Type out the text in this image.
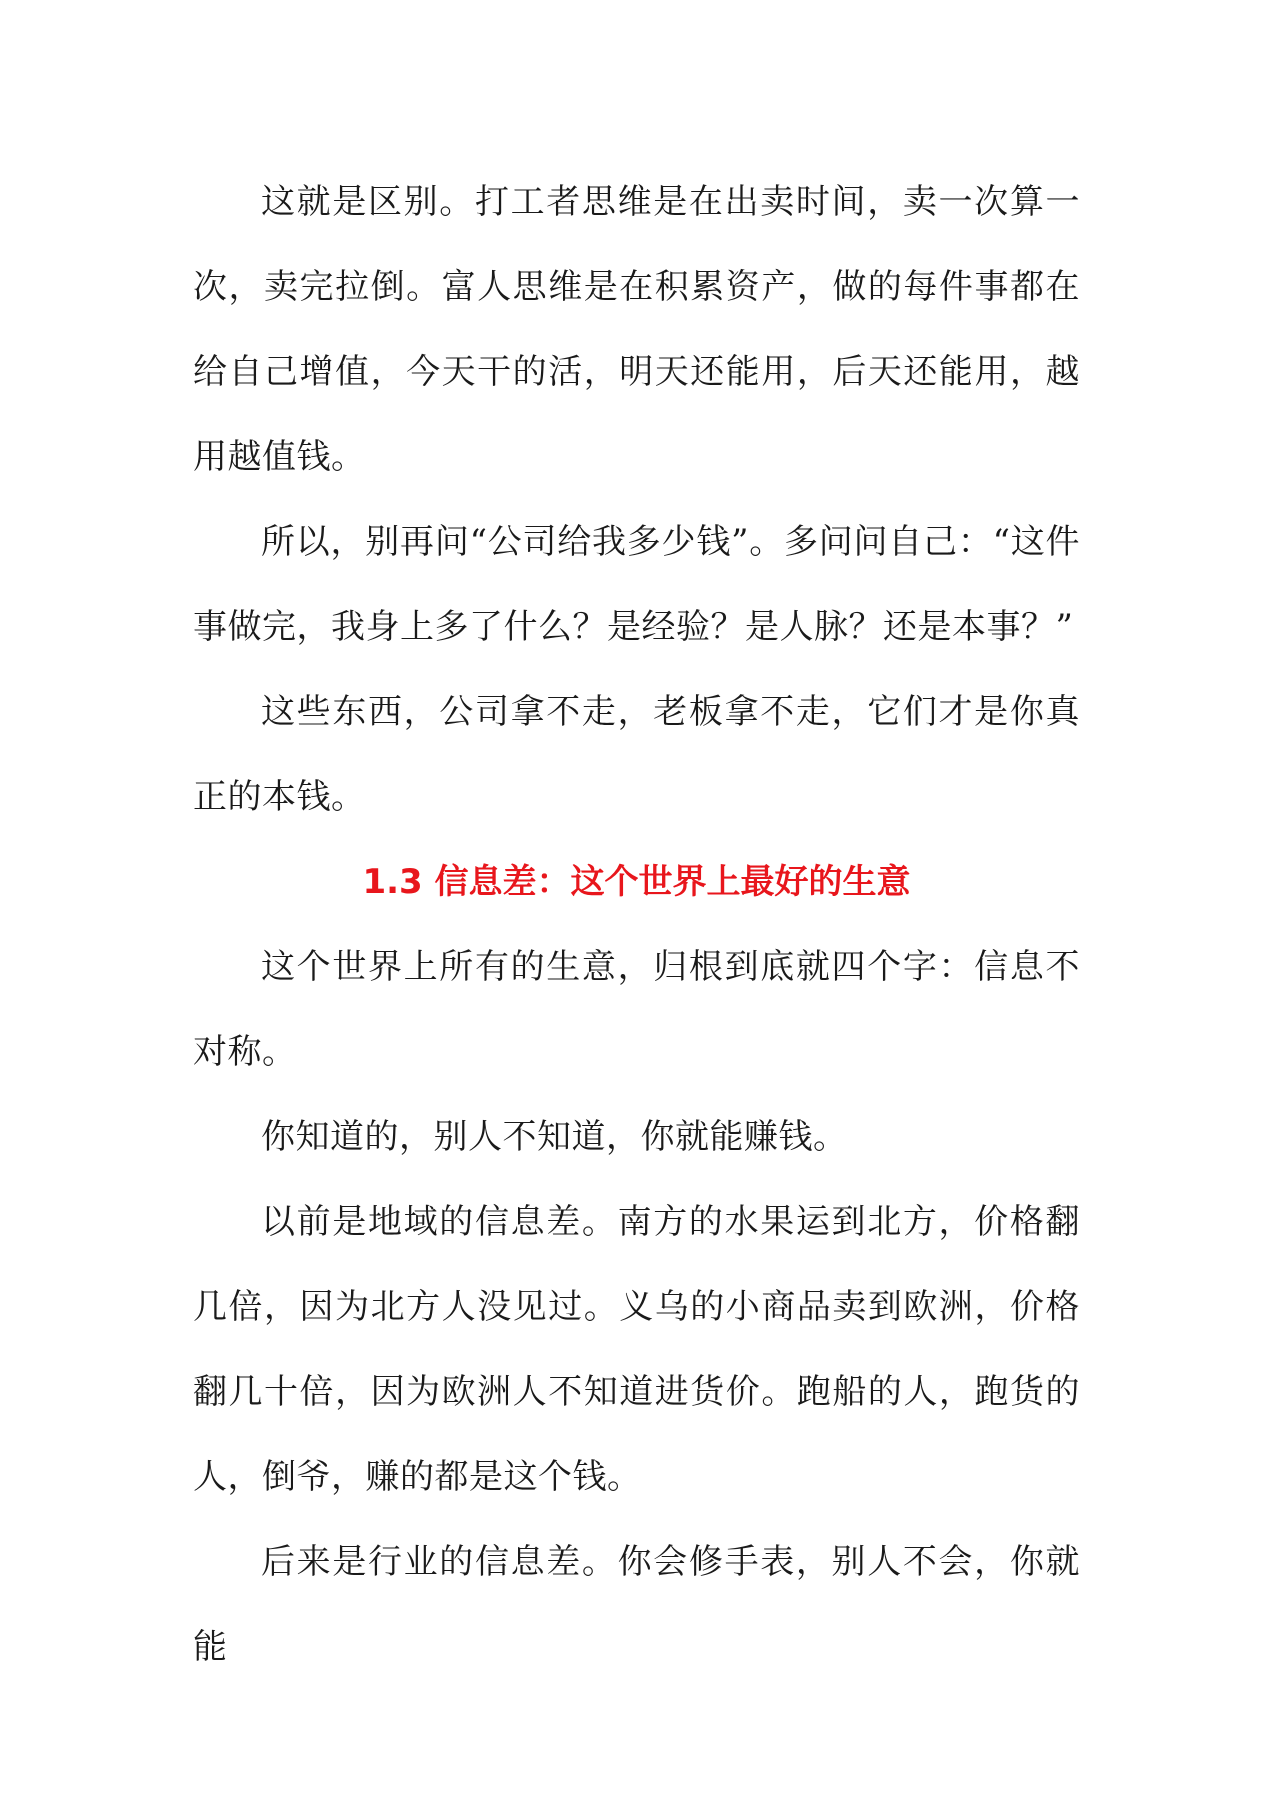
这就是区别。打工者思维是在出卖时间，卖一次算一次，卖完拉倒。富人思维是在积累资产，做的每件事都在给自己增值，今天干的活，明天还能用，后天还能用，越用越值钱。

所以，别再问“公司给我多少钱”。多问问自己：“这件事做完，我身上多了什么？是经验？是人脉？还是本事？”

这些东西，公司拿不走，老板拿不走，它们才是你真正的本钱。

1.3 信息差：这个世界上最好的生意

这个世界上所有的生意，归根到底就四个字：信息不对称。

你知道的，别人不知道，你就能赚钱。

以前是地域的信息差。南方的水果运到北方，价格翻几倍，因为北方人没见过。义乌的小商品卖到欧洲，价格翻几十倍，因为欧洲人不知道进货价。跑船的人，跑货的人，倒爷，赚的都是这个钱。

后来是行业的信息差。你会修手表，别人不会，你就能
